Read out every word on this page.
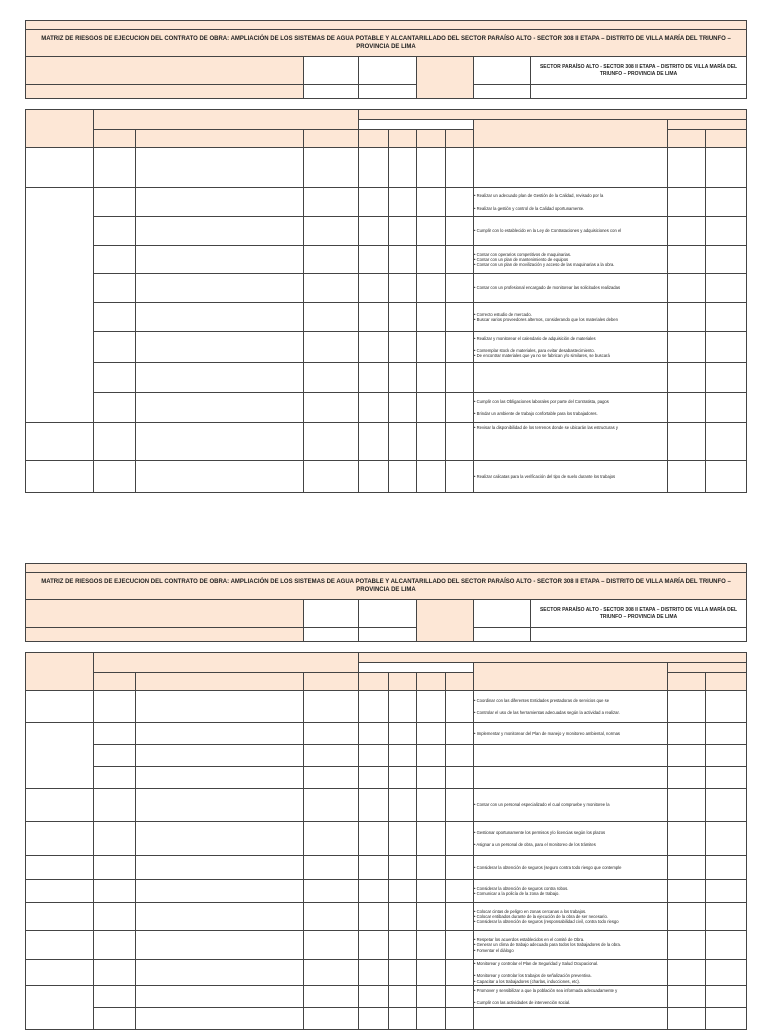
MATRIZ DE RIESGOS DE EJECUCION DEL CONTRATO DE OBRA: AMPLIACIÓN DE LOS SISTEMAS DE AGUA POTABLE Y ALCANTARILLADO DEL SECTOR PARAÍSO ALTO - SECTOR 308 II ETAPA – DISTRITO DE VILLA MARÍA DEL TRIUNFO – PROVINCIA DE LIMA					
					SECTOR PARAÍSO ALTO - SECTOR 308 II ETAPA – DISTRITO DE VILLA MARÍA DEL TRIUNFO – PROVINCIA DE LIMA

								• Realizar un adecuado plan de Gestión de la Calidad, revisado por la
• Realizar la gestión y control de la Calidad oportunamente.		

								• Cumplir con lo establecido en la Ley de Contrataciones y adquisiciones con el		

								• Contar con operarios competitivos de maquinarias.
• Contar con un plan de mantenimiento de equipos
• Contar con un plan de movilización y acceso de las maquinarias a la obra.		

								• Contar con un profesional encargado de monitorear las solicitudes realizadas		

								• Correcto estudio de mercado.
• Buscar varios proveedores alternos, considerando que los materiales deben		

								• Realizar y monitorear el calendario de adquisición de materiales
• Contemplar stock de materiales, para evitar desabastecimiento.
• De encontrar materiales que ya no se fabrican y/o similares, se buscará		

								• Cumplir con las Obligaciones laborales por parte del Contratista, pagos
• Brindar un ambiente de trabajo confortable para los trabajadores.		

								• Revisar la disponibilidad de los terrenos donde se ubicarán las estructuras y		

								• Realizar calicatas para la verificación del tipo de suelo durante los trabajos		

MATRIZ DE RIESGOS DE EJECUCION DEL CONTRATO DE OBRA: AMPLIACIÓN DE LOS SISTEMAS DE AGUA POTABLE Y ALCANTARILLADO DEL SECTOR PARAÍSO ALTO - SECTOR 308 II ETAPA – DISTRITO DE VILLA MARÍA DEL TRIUNFO – PROVINCIA DE LIMA					
					SECTOR PARAÍSO ALTO - SECTOR 308 II ETAPA – DISTRITO DE VILLA MARÍA DEL TRIUNFO – PROVINCIA DE LIMA

								• Coordinar con las diferentes Entidades prestadoras de servicios que se
• Controlar el uso de las herramientas adecuadas según la actividad a realizar.		

								• Implementar y monitorear del Plan de manejo y monitoreo ambiental, normas		

								• Contar con un personal especializado el cual compruebe y monitoree la		

								• Gestionar oportunamente los permisos y/o licencias según los plazos
• Asignar a un personal de obra, para el monitoreo de los trámites		

								• Considerar la obtención de seguros (seguro contra todo riesgo que contemple		

								• Considerar la obtención de seguros contra robos.
• Comunicar a la policía de la zona de trabajo.		

								• Colocar cintas de peligro en zonas cercanas a los trabajos.
• Colocar entibados durante de la ejecución de la obra de ser necesario.
• Considerar la obtención de seguros (responsabilidad civil, contra todo riesgo		

								• Respetar los acuerdos establecidos en el comité de Obra.
• Generar un clima de trabajo adecuado para todos los trabajadores de la obra.
• Fomentar el diálogo		

								• Monitorear y controlar el Plan de Seguridad y Salud Ocupacional.
• Monitorear y controlar los trabajos de señalización preventiva.
• Capacitar a los trabajadores (charlas, inducciones, etc).		

								• Promover y sensibilizar a que la población sea informada adecuadamente y
• Cumplir con las actividades de intervención social.		
